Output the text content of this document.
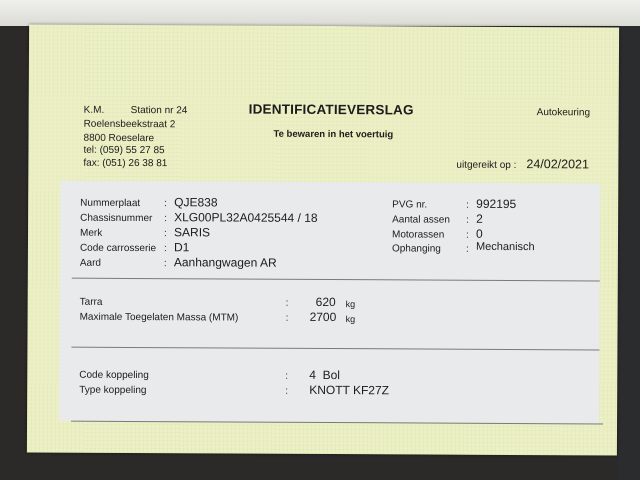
K.M.	Station nr 24
Roelensbeekstraat 2
8800 Roeselare
tel: (059) 55 27 85
fax: (051) 26 38 81
IDENTIFICATIEVERSLAG	Autokeuring
Te bewaren in het voertuig
uitgereikt op : 24/02/2021
Nummerplaat : QJE838
Chassisnummer : XLG00PL32A0425544 / 18
Merk	: SARIS
Code carrosserie : D1
Aard	: Aanhangwagen AR
PVG nr.	: 992195
Aantal assen : 2
Motorassen : 0
Ophanging	: Mechanisch
Tarra	: 620 kg
Maximale Toegelaten Massa (MTM)	: 2700 kg
Code koppeling	: 4  Bol
Type koppeling	: KNOTT KF27Z
